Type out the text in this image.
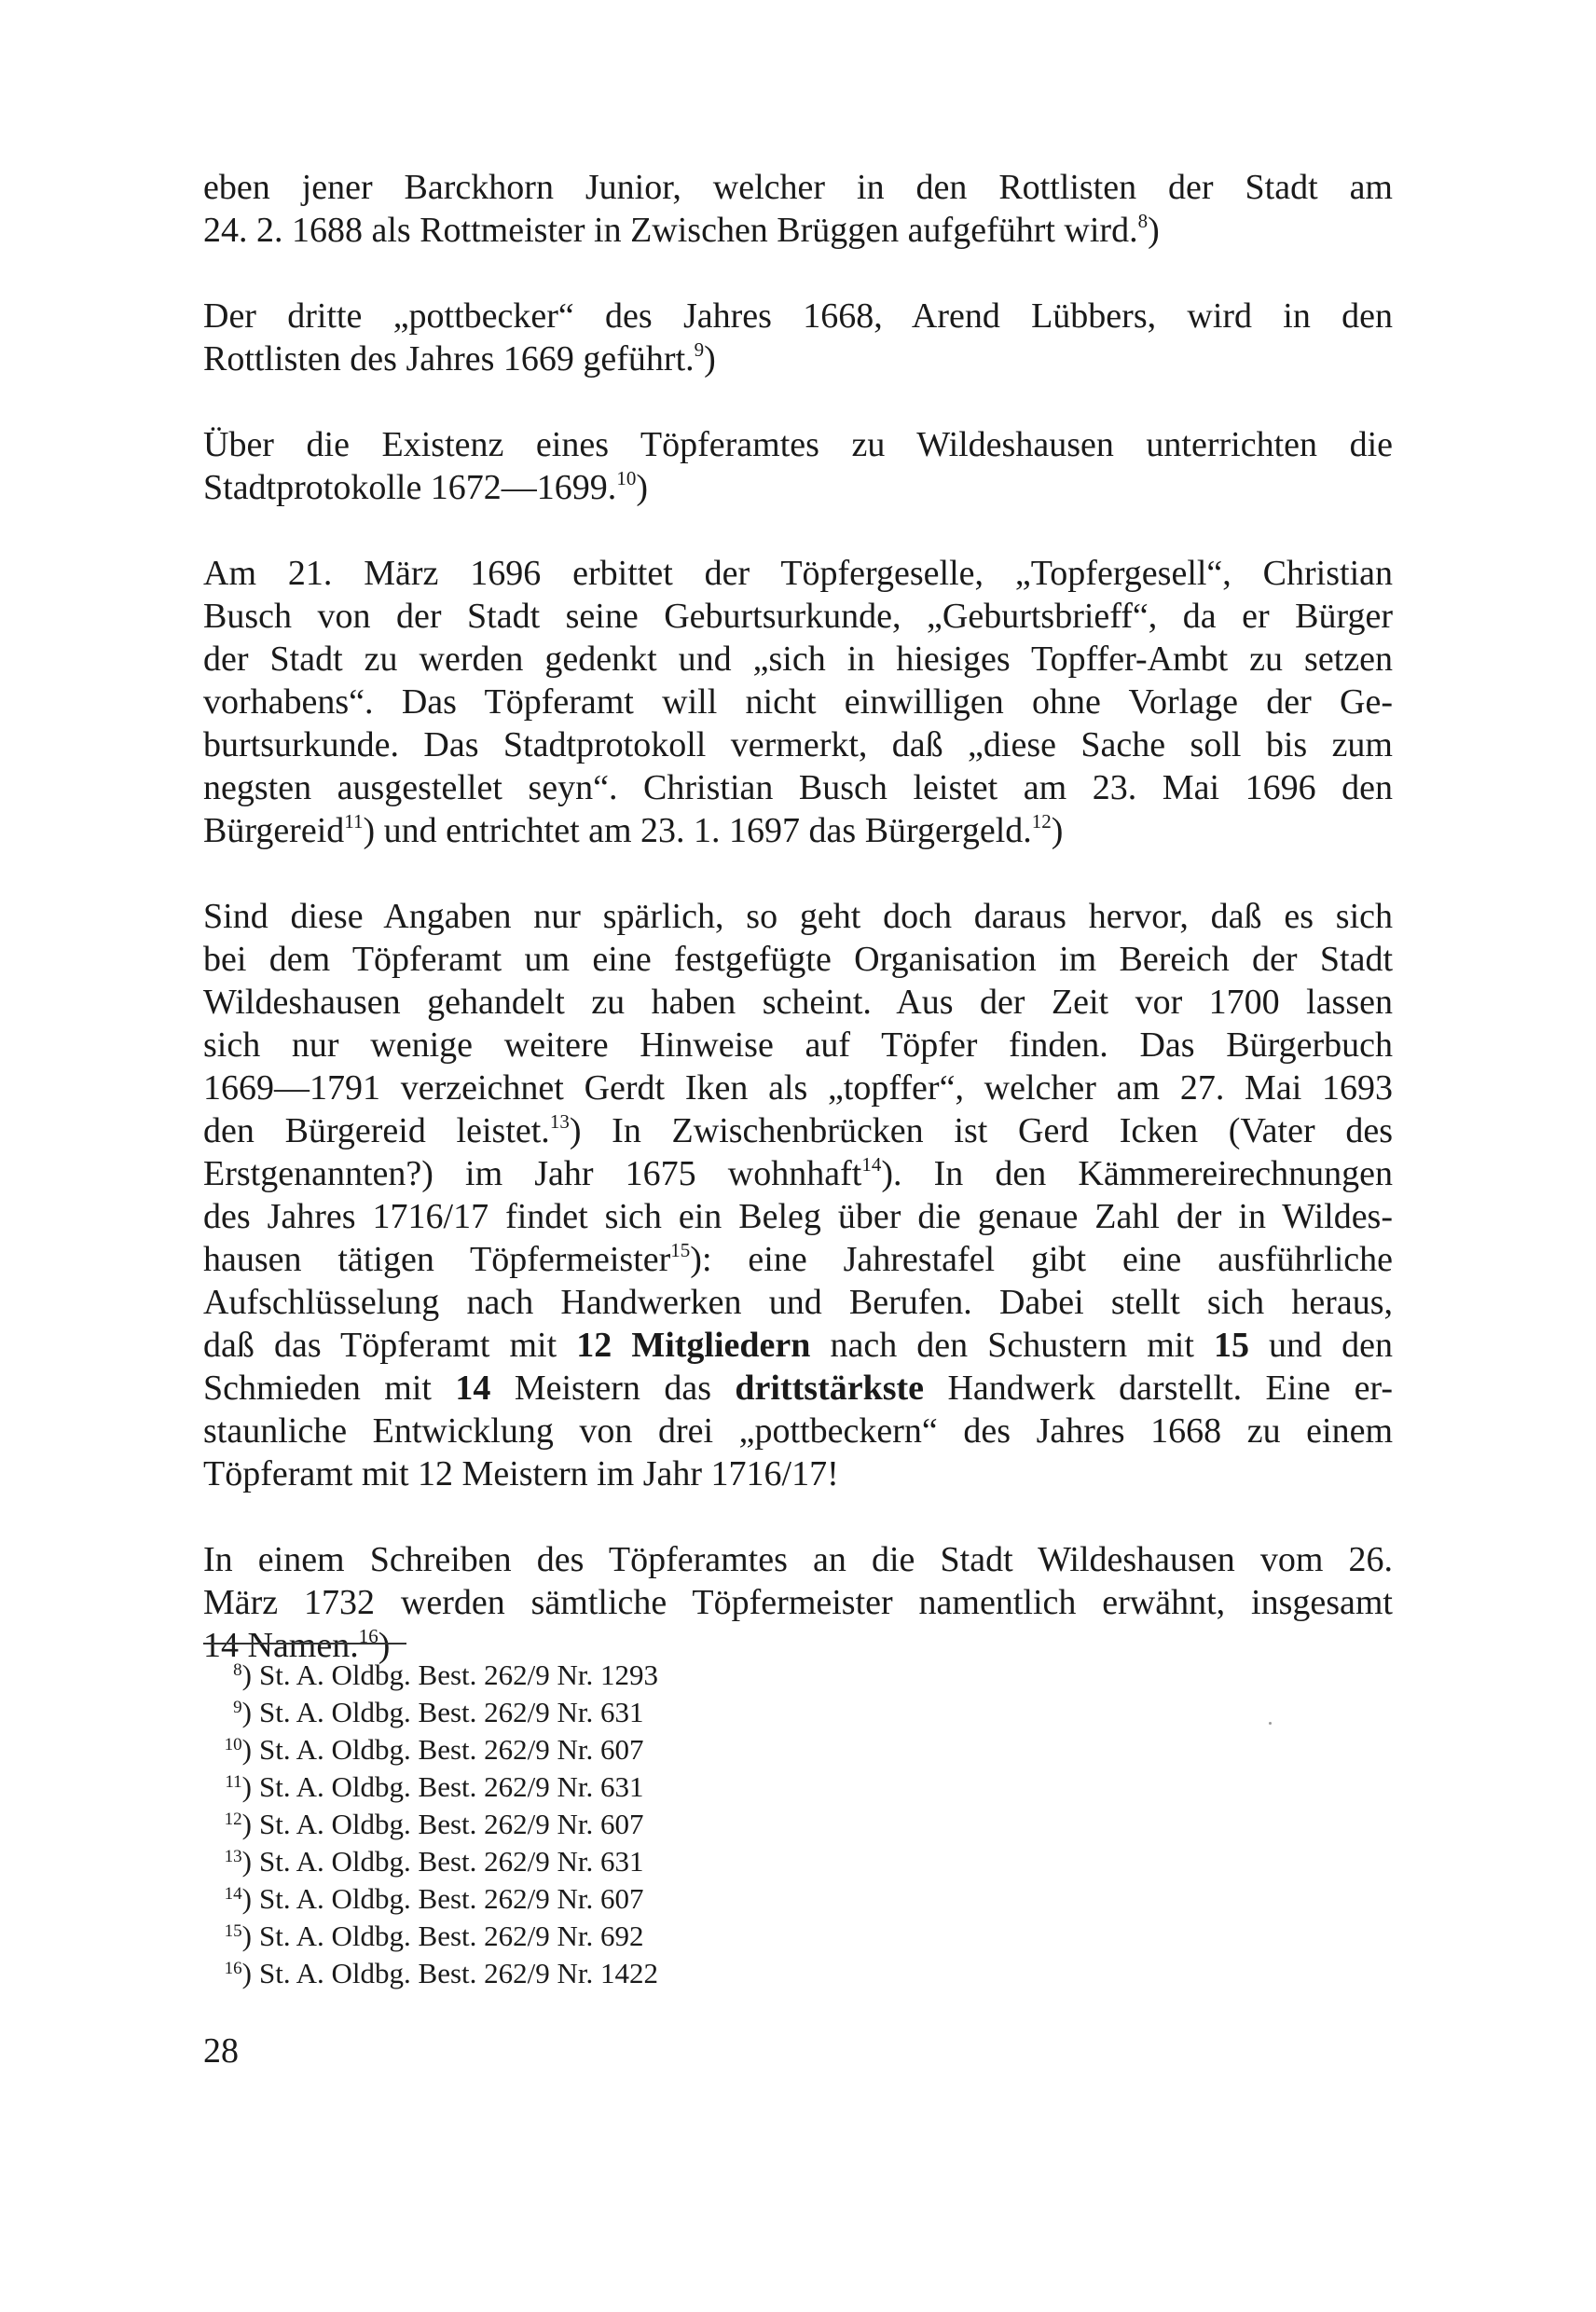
eben jener Barckhorn Junior, welcher in den Rottlisten der Stadt am
24. 2. 1688 als Rottmeister in Zwischen Brüggen aufgeführt wird.$^8$)
Der dritte „pottbecker“ des Jahres 1668, Arend Lübbers, wird in den
Rottlisten des Jahres 1669 geführt.$^9$)
Über die Existenz eines Töpferamtes zu Wildeshausen unterrichten die
Stadtprotokolle 1672—1699.10)
Am 21. März 1696 erbittet der Töpfergeselle, „Topfergesell“, Christian
Busch von der Stadt seine Geburtsurkunde, „Geburtsbrieff“, da er Bürger
der Stadt zu werden gedenkt und „sich in hiesiges Topffer-Ambt zu setzen
vorhabens“. Das Töpferamt will nicht einwilligen ohne Vorlage der Ge-
burtsurkunde. Das Stadtprotokoll vermerkt, daß „diese Sache soll bis zum
negsten ausgestellet seyn“. Christian Busch leistet am 23. Mai 1696 den
Bürgereid$^{11}$) und entrichtet am 23. 1. 1697 das Bürgergeld.$^{12}$)
Sind diese Angaben nur spärlich, so geht doch daraus hervor, daß es sich
bei dem Töpferamt um eine festgefügte Organisation im Bereich der Stadt
Wildeshausen gehandelt zu haben scheint. Aus der Zeit vor 1700 lassen
sich nur wenige weitere Hinweise auf Töpfer finden. Das Bürgerbuch
1669—1791 verzeichnet Gerdt Iken als „topffer“, welcher am 27. Mai 1693
den Bürgereid leistet.$^{13}$) In Zwischenbrücken ist Gerd Icken (Vater des
Erstgenannten?) im Jahr 1675 wohnhaft$^{14}$). In den Kämmereirechnungen
des Jahres 1716/17 findet sich ein Beleg über die genaue Zahl der in Wildes-
hausen tätigen Töpfermeister$^{15}$): eine Jahrestafel gibt eine ausführliche
Aufschlüsselung nach Handwerken und Berufen. Dabei stellt sich heraus,
daß das Töpferamt mit 12 Mitgliedern nach den Schustern mit 15 und den
Schmieden mit 14 Meistern das drittstärkste Handwerk darstellt. Eine er-
staunliche Entwicklung von drei „pottbeckern“ des Jahres 1668 zu einem
Töpferamt mit 12 Meistern im Jahr 1716/17!
In einem Schreiben des Töpferamtes an die Stadt Wildeshausen vom 26.
März 1732 werden sämtliche Töpfermeister namentlich erwähnt, insgesamt
14 Namen.$^{16}$)
$^8$) St. A. Oldbg. Best. 262/9 Nr. 1293
$^9$) St. A. Oldbg. Best. 262/9 Nr. 631
$^{10}$) St. A. Oldbg. Best. 262/9 Nr. 607
$^{11}$) St. A. Oldbg. Best. 262/9 Nr. 631
$^{12}$) St. A. Oldbg. Best. 262/9 Nr. 607
$^{13}$) St. A. Oldbg. Best. 262/9 Nr. 631
$^{14}$) St. A. Oldbg. Best. 262/9 Nr. 607
$^{15}$) St. A. Oldbg. Best. 262/9 Nr. 692
$^{16}$) St. A. Oldbg. Best. 262/9 Nr. 1422
28
